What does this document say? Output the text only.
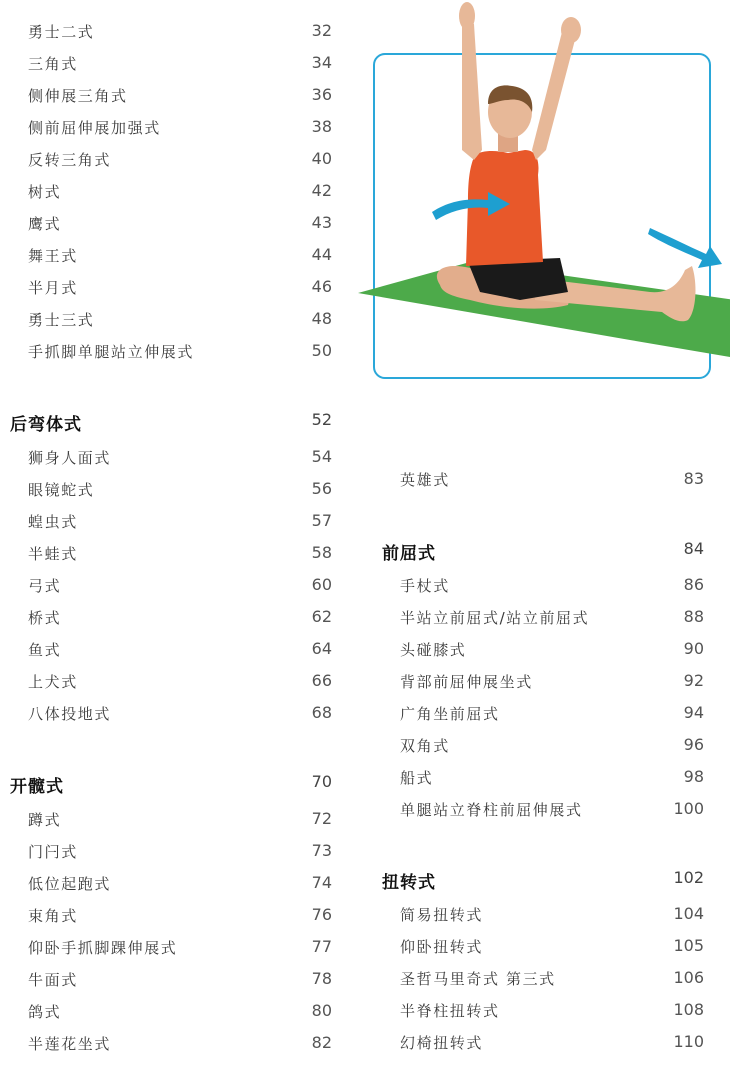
勇士二式	32
三角式	34
侧伸展三角式	36
侧前屈伸展加强式	38
反转三角式	40
树式	42
鹰式	43
舞王式	44
半月式	46
勇士三式	48
手抓脚单腿站立伸展式	50
后弯体式	52
狮身人面式	54
眼镜蛇式	56
蝗虫式	57
半蛙式	58
弓式	60
桥式	62
鱼式	64
上犬式	66
八体投地式	68
开髋式	70
蹲式	72
门闩式	73
低位起跑式	74
束角式	76
仰卧手抓脚踝伸展式	77
牛面式	78
鸽式	80
半莲花坐式	82
英雄式	83
前屈式	84
手杖式	86
半站立前屈式/站立前屈式	88
头碰膝式	90
背部前屈伸展坐式	92
广角坐前屈式	94
双角式	96
船式	98
单腿站立脊柱前屈伸展式	100
扭转式	102
简易扭转式	104
仰卧扭转式	105
圣哲马里奇式 第三式	106
半脊柱扭转式	108
幻椅扭转式	110
